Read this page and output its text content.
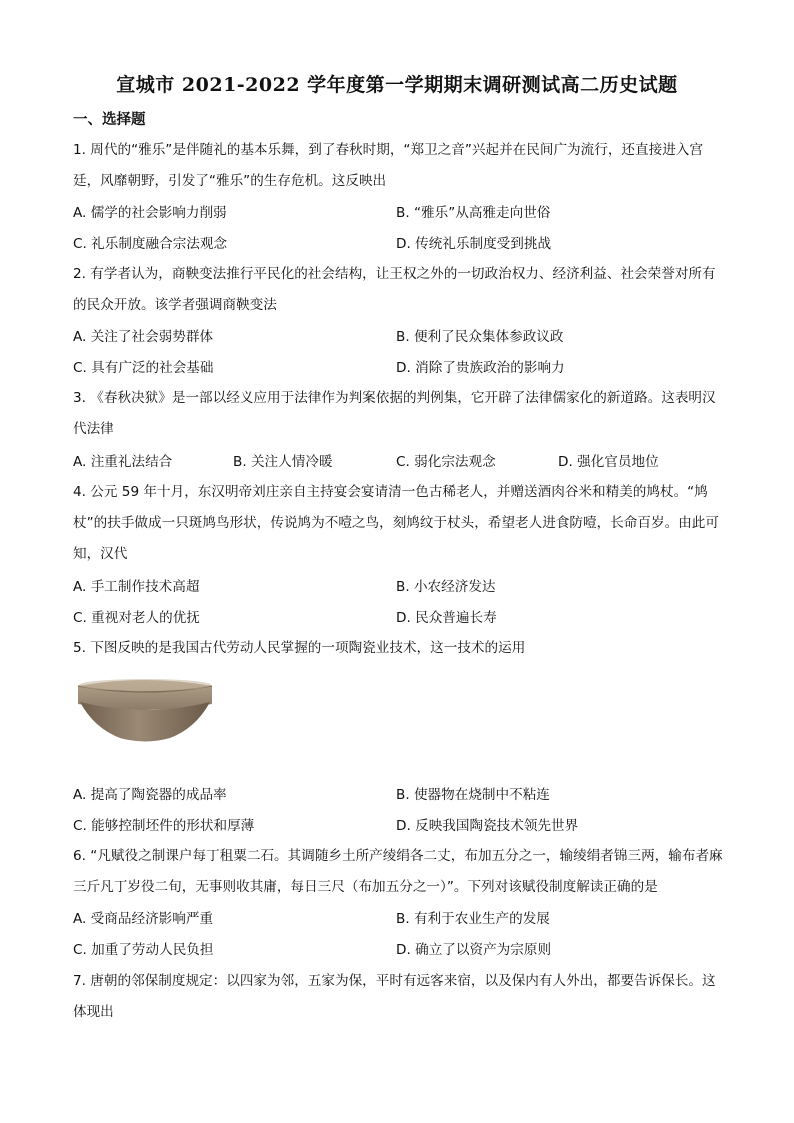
宣城市 2021-2022 学年度第一学期期末调研测试高二历史试题
一、选择题
1. 周代的“雅乐”是伴随礼的基本乐舞，到了春秋时期，“郑卫之音”兴起并在民间广为流行，还直接进入宫廷，风靡朝野，引发了“雅乐”的生存危机。这反映出
A. 儒学的社会影响力削弱	B. “雅乐”从高雅走向世俗
C. 礼乐制度融合宗法观念	D. 传统礼乐制度受到挑战
2. 有学者认为，商鞅变法推行平民化的社会结构，让王权之外的一切政治权力、经济利益、社会荣誉对所有的民众开放。该学者强调商鞅变法
A. 关注了社会弱势群体	B. 便利了民众集体参政议政
C. 具有广泛的社会基础	D. 消除了贵族政治的影响力
3. 《春秋决狱》是一部以经义应用于法律作为判案依据的判例集，它开辟了法律儒家化的新道路。这表明汉代法律
A. 注重礼法结合	B. 关注人情冷暖	C. 弱化宗法观念	D. 强化官员地位
4. 公元 59 年十月，东汉明帝刘庄亲自主持宴会宴请清一色古稀老人，并赠送酒肉谷米和精美的鸠杖。“鸠杖”的扶手做成一只斑鸠鸟形状，传说鸠为不噎之鸟，刻鸠纹于杖头，希望老人进食防噎，长命百岁。由此可知，汉代
A. 手工制作技术高超	B. 小农经济发达
C. 重视对老人的优抚	D. 民众普遍长寿
5. 下图反映的是我国古代劳动人民掌握的一项陶瓷业技术，这一技术的运用
A. 提高了陶瓷器的成品率	B. 使器物在烧制中不粘连
C. 能够控制坯件的形状和厚薄	D. 反映我国陶瓷技术领先世界
6. “凡赋役之制课户每丁租粟二石。其调随乡土所产绫绢各二丈，布加五分之一，输绫绢者锦三两，输布者麻三斤凡丁岁役二旬，无事则收其庸，每日三尺（布加五分之一）”。下列对该赋役制度解读正确的是
A. 受商品经济影响严重	B. 有利于农业生产的发展
C. 加重了劳动人民负担	D. 确立了以资产为宗原则
7. 唐朝的邻保制度规定：以四家为邻，五家为保，平时有远客来宿，以及保内有人外出，都要告诉保长。这体现出
